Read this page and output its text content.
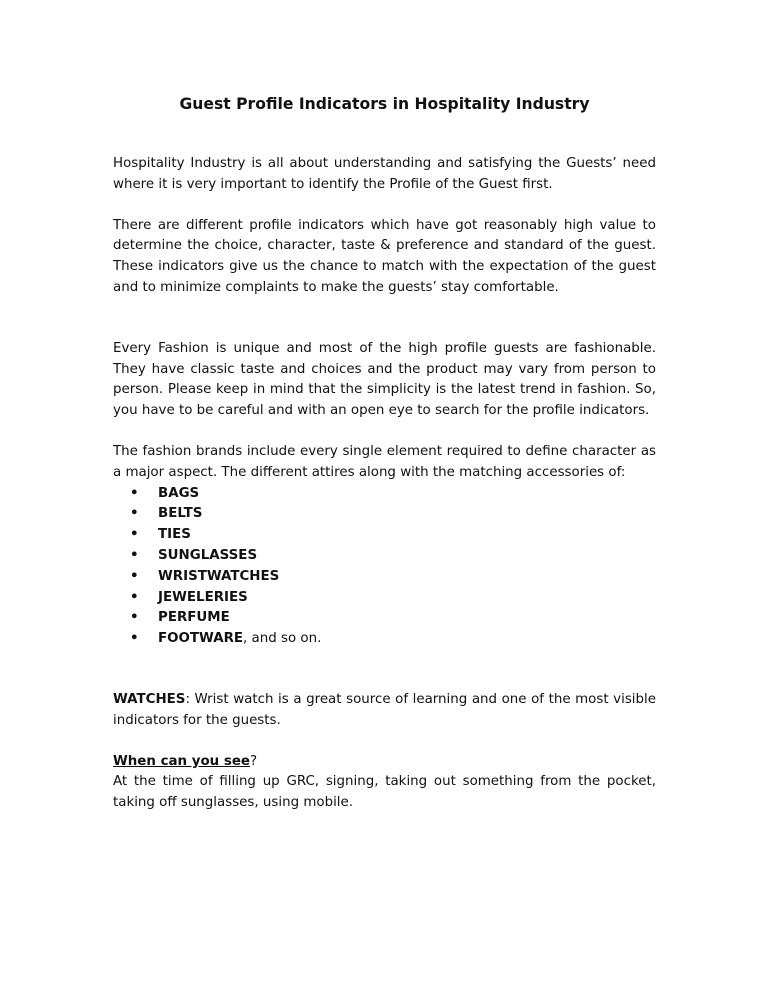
Guest Profile Indicators in Hospitality Industry

Hospitality Industry is all about understanding and satisfying the Guests’ need where it is very important to identify the Profile of the Guest first.

There are different profile indicators which have got reasonably high value to determine the choice, character, taste & preference and standard of the guest. These indicators give us the chance to match with the expectation of the guest and to minimize complaints to make the guests’ stay comfortable.

Every Fashion is unique and most of the high profile guests are fashionable. They have classic taste and choices and the product may vary from person to person. Please keep in mind that the simplicity is the latest trend in fashion. So, you have to be careful and with an open eye to search for the profile indicators.

The fashion brands include every single element required to define character as a major aspect. The different attires along with the matching accessories of:

• BAGS
• BELTS
• TIES
• SUNGLASSES
• WRISTWATCHES
• JEWELERIES
• PERFUME
• FOOTWARE, and so on.

WATCHES: Wrist watch is a great source of learning and one of the most visible indicators for the guests.

When can you see?

At the time of filling up GRC, signing, taking out something from the pocket, taking off sunglasses, using mobile.
